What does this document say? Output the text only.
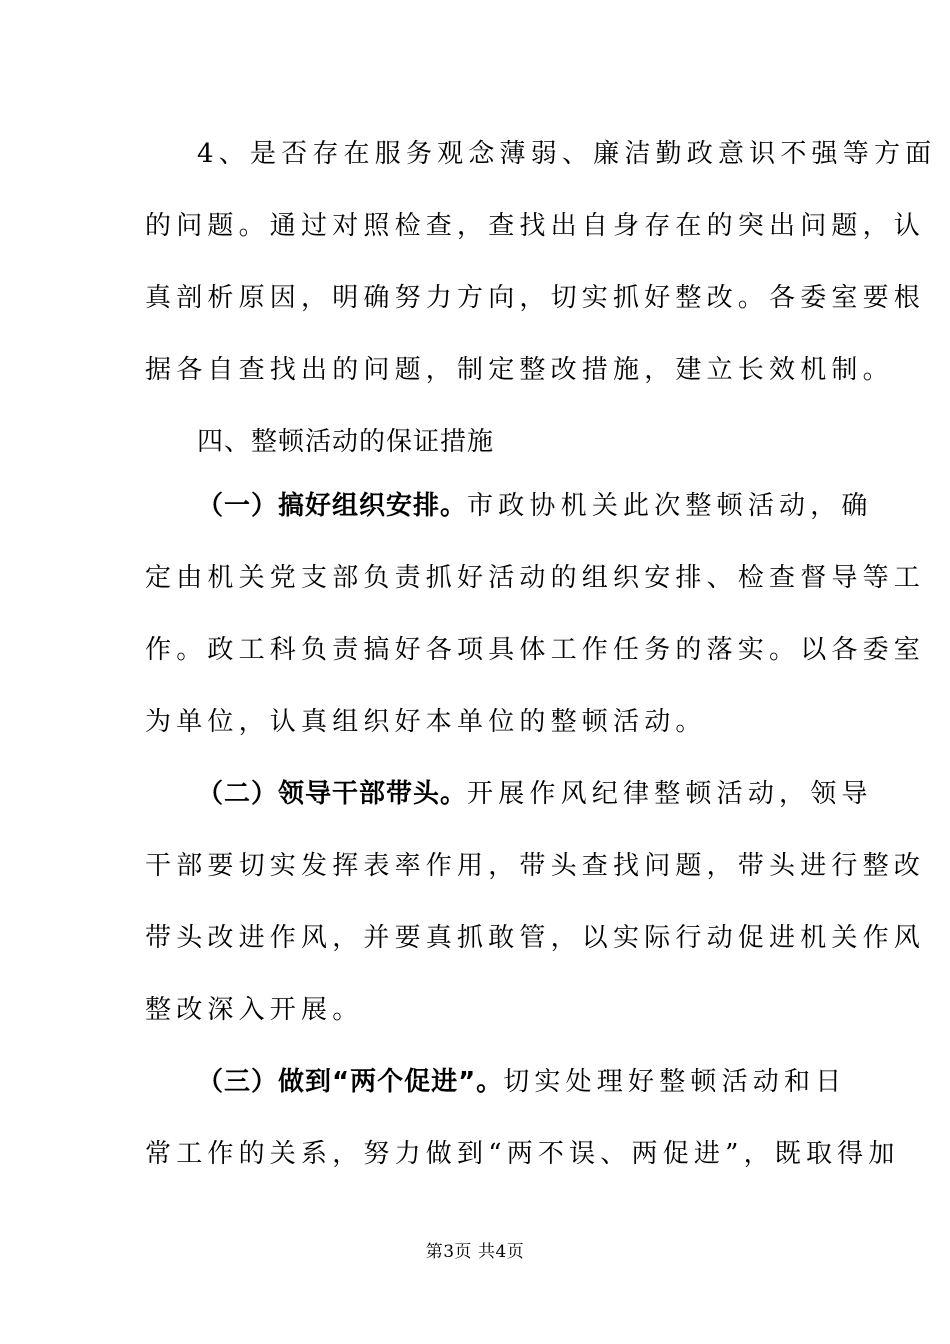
4、是否存在服务观念薄弱、廉洁勤政意识不强等方面
的问题。通过对照检查，查找出自身存在的突出问题，认
真剖析原因，明确努力方向，切实抓好整改。各委室要根
据各自查找出的问题，制定整改措施，建立长效机制。
四、整顿活动的保证措施
（一）搞好组织安排。市政协机关此次整顿活动，确
定由机关党支部负责抓好活动的组织安排、检查督导等工
作。政工科负责搞好各项具体工作任务的落实。以各委室
为单位，认真组织好本单位的整顿活动。
（二）领导干部带头。开展作风纪律整顿活动，领导
干部要切实发挥表率作用，带头查找问题，带头进行整改
带头改进作风，并要真抓敢管，以实际行动促进机关作风
整改深入开展。
（三）做到“两个促进”。切实处理好整顿活动和日
常工作的关系，努力做到“两不误、两促进”，既取得加
第3页 共4页
